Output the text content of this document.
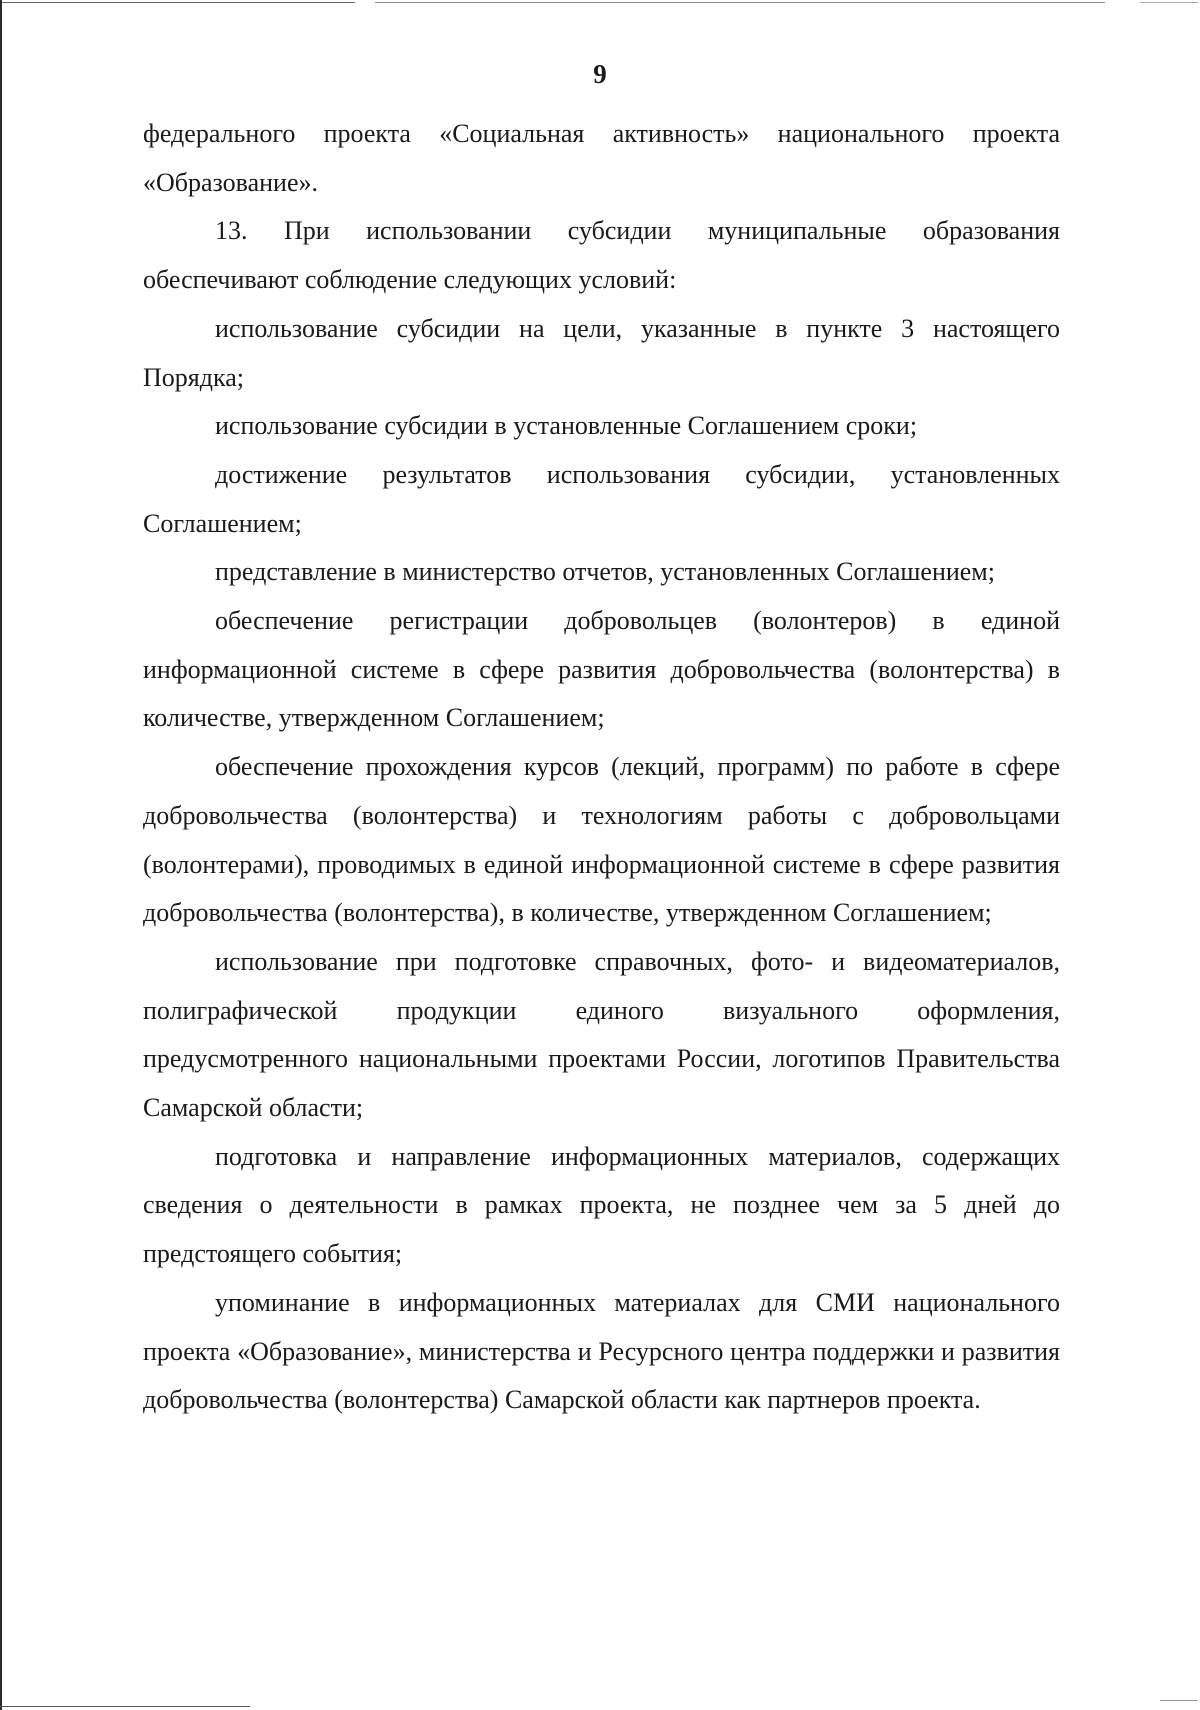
9

федерального проекта «Социальная активность» национального проекта «Образование».

13. При использовании субсидии муниципальные образования обеспечивают соблюдение следующих условий:

использование субсидии на цели, указанные в пункте 3 настоящего Порядка;

использование субсидии в установленные Соглашением сроки;

достижение результатов использования субсидии, установленных Соглашением;

представление в министерство отчетов, установленных Соглашением;

обеспечение регистрации добровольцев (волонтеров) в единой информационной системе в сфере развития добровольчества (волонтерства) в количестве, утвержденном Соглашением;

обеспечение прохождения курсов (лекций, программ) по работе в сфере добровольчества (волонтерства) и технологиям работы с добровольцами (волонтерами), проводимых в единой информационной системе в сфере развития добровольчества (волонтерства), в количестве, утвержденном Соглашением;

использование при подготовке справочных, фото- и видеоматериалов, полиграфической продукции единого визуального оформления, предусмотренного национальными проектами России, логотипов Правительства Самарской области;

подготовка и направление информационных материалов, содержащих сведения о деятельности в рамках проекта, не позднее чем за 5 дней до предстоящего события;

упоминание в информационных материалах для СМИ национального проекта «Образование», министерства и Ресурсного центра поддержки и развития добровольчества (волонтерства) Самарской области как партнеров проекта.
